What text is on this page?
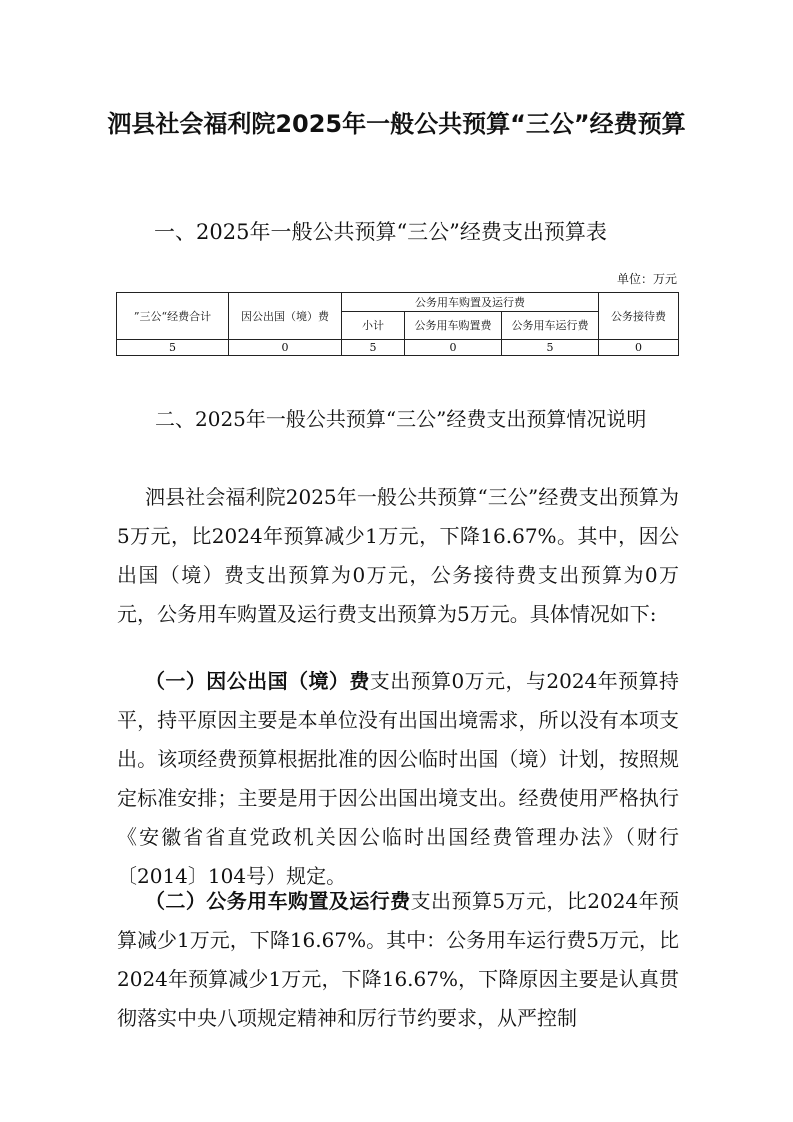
泗县社会福利院2025年一般公共预算“三公”经费预算
一、2025年一般公共预算“三公”经费支出预算表
单位：万元
”三公“经费合计	因公出国（境）费	公务用车购置及运行费			公务接待费
		小计	公务用车购置费	公务用车运行费	
5	0	5	0	5	0
二、2025年一般公共预算“三公”经费支出预算情况说明

泗县社会福利院2025年一般公共预算“三公”经费支出预算为5万元，比2024年预算减少1万元，下降16.67%。其中，因公出国（境）费支出预算为0万元，公务接待费支出预算为0万元，公务用车购置及运行费支出预算为5万元。具体情况如下:

（一）因公出国（境）费支出预算0万元，与2024年预算持平，持平原因主要是本单位没有出国出境需求，所以没有本项支出。该项经费预算根据批准的因公临时出国（境）计划，按照规定标准安排；主要是用于因公出国出境支出。经费使用严格执行《安徽省省直党政机关因公临时出国经费管理办法》（财行〔2014〕104号）规定。

（二）公务用车购置及运行费支出预算5万元，比2024年预算减少1万元，下降16.67%。其中：公务用车运行费5万元，比2024年预算减少1万元，下降16.67%，下降原因主要是认真贯彻落实中央八项规定精神和厉行节约要求，从严控制
